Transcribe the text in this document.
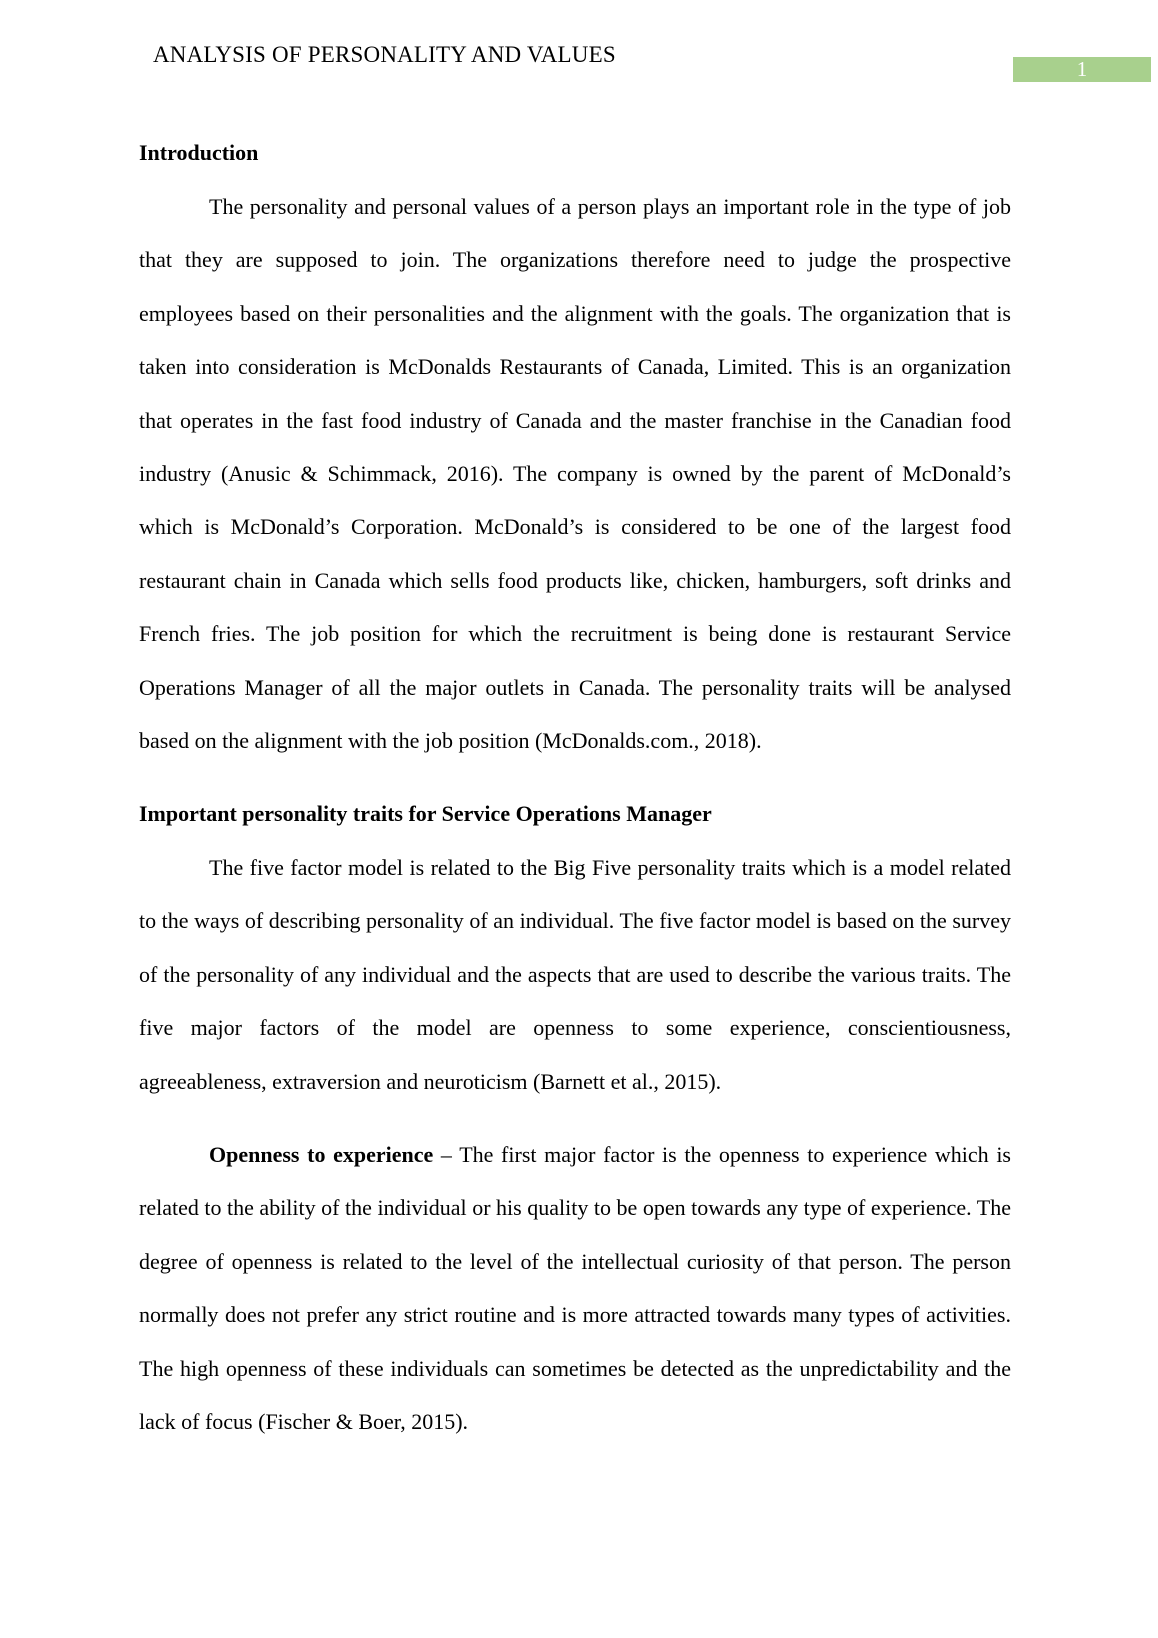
ANALYSIS OF PERSONALITY AND VALUES
1
Introduction

The personality and personal values of a person plays an important role in the type of job that they are supposed to join. The organizations therefore need to judge the prospective employees based on their personalities and the alignment with the goals. The organization that is taken into consideration is McDonalds Restaurants of Canada, Limited. This is an organization that operates in the fast food industry of Canada and the master franchise in the Canadian food industry (Anusic & Schimmack, 2016). The company is owned by the parent of McDonald’s which is McDonald’s Corporation. McDonald’s is considered to be one of the largest food restaurant chain in Canada which sells food products like, chicken, hamburgers, soft drinks and French fries. The job position for which the recruitment is being done is restaurant Service Operations Manager of all the major outlets in Canada. The personality traits will be analysed based on the alignment with the job position (McDonalds.com., 2018).

Important personality traits for Service Operations Manager

The five factor model is related to the Big Five personality traits which is a model related to the ways of describing personality of an individual. The five factor model is based on the survey of the personality of any individual and the aspects that are used to describe the various traits. The five major factors of the model are openness to some experience, conscientiousness, agreeableness, extraversion and neuroticism (Barnett et al., 2015).

Openness to experience – The first major factor is the openness to experience which is related to the ability of the individual or his quality to be open towards any type of experience. The degree of openness is related to the level of the intellectual curiosity of that person. The person normally does not prefer any strict routine and is more attracted towards many types of activities. The high openness of these individuals can sometimes be detected as the unpredictability and the lack of focus (Fischer & Boer, 2015).
